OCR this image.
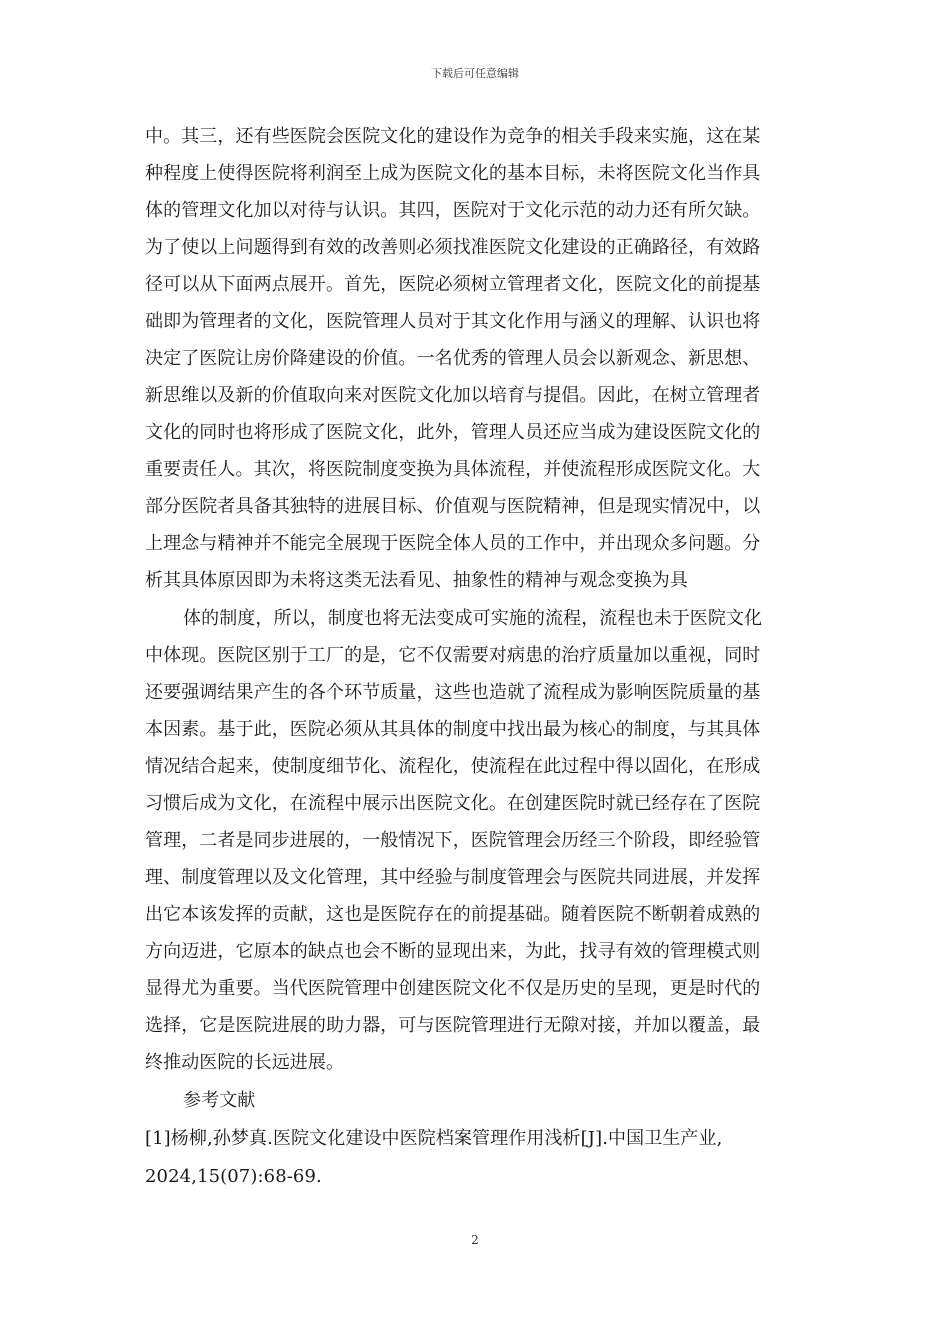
下载后可任意编辑
中。其三，还有些医院会医院文化的建设作为竞争的相关手段来实施，这在某
种程度上使得医院将利润至上成为医院文化的基本目标，未将医院文化当作具
体的管理文化加以对待与认识。其四，医院对于文化示范的动力还有所欠缺。
为了使以上问题得到有效的改善则必须找准医院文化建设的正确路径，有效路
径可以从下面两点展开。首先，医院必须树立管理者文化，医院文化的前提基
础即为管理者的文化，医院管理人员对于其文化作用与涵义的理解、认识也将
决定了医院让房价降建设的价值。一名优秀的管理人员会以新观念、新思想、
新思维以及新的价值取向来对医院文化加以培育与提倡。因此，在树立管理者
文化的同时也将形成了医院文化，此外，管理人员还应当成为建设医院文化的
重要责任人。其次，将医院制度变换为具体流程，并使流程形成医院文化。大
部分医院者具备其独特的进展目标、价值观与医院精神，但是现实情况中，以
上理念与精神并不能完全展现于医院全体人员的工作中，并出现众多问题。分
析其具体原因即为未将这类无法看见、抽象性的精神与观念变换为具
体的制度，所以，制度也将无法变成可实施的流程，流程也未于医院文化
中体现。医院区别于工厂的是，它不仅需要对病患的治疗质量加以重视，同时
还要强调结果产生的各个环节质量，这些也造就了流程成为影响医院质量的基
本因素。基于此，医院必须从其具体的制度中找出最为核心的制度，与其具体
情况结合起来，使制度细节化、流程化，使流程在此过程中得以固化，在形成
习惯后成为文化，在流程中展示出医院文化。在创建医院时就已经存在了医院
管理，二者是同步进展的，一般情况下，医院管理会历经三个阶段，即经验管
理、制度管理以及文化管理，其中经验与制度管理会与医院共同进展，并发挥
出它本该发挥的贡献，这也是医院存在的前提基础。随着医院不断朝着成熟的
方向迈进，它原本的缺点也会不断的显现出来，为此，找寻有效的管理模式则
显得尤为重要。当代医院管理中创建医院文化不仅是历史的呈现，更是时代的
选择，它是医院进展的助力器，可与医院管理进行无隙对接，并加以覆盖，最
终推动医院的长远进展。
参考文献
[1]杨柳,孙梦真.医院文化建设中医院档案管理作用浅析[J].中国卫生产业,
2024,15(07):68-69.
2
